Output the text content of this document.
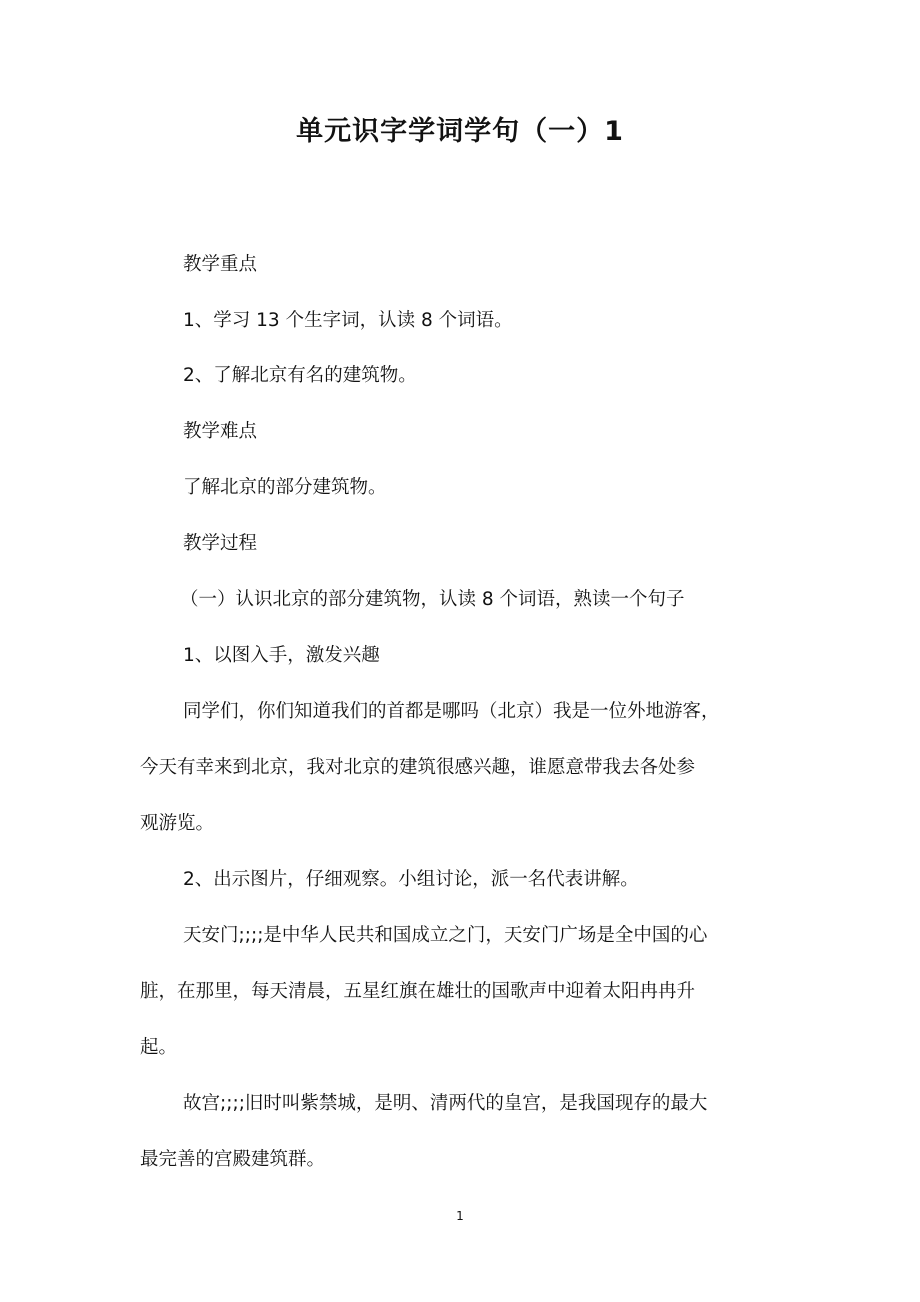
单元识字学词学句（一）1
教学重点
1、学习 13 个生字词，认读 8 个词语。
2、了解北京有名的建筑物。
教学难点
了解北京的部分建筑物。
教学过程
（一）认识北京的部分建筑物，认读 8 个词语，熟读一个句子
1、以图入手，激发兴趣
同学们，你们知道我们的首都是哪吗（北京）我是一位外地游客，
今天有幸来到北京，我对北京的建筑很感兴趣，谁愿意带我去各处参
观游览。
2、出示图片，仔细观察。小组讨论，派一名代表讲解。
天安门;;;;是中华人民共和国成立之门，天安门广场是全中国的心
脏，在那里，每天清晨，五星红旗在雄壮的国歌声中迎着太阳冉冉升
起。
故宫;;;;旧时叫紫禁城，是明、清两代的皇宫，是我国现存的最大
最完善的宫殿建筑群。
1
